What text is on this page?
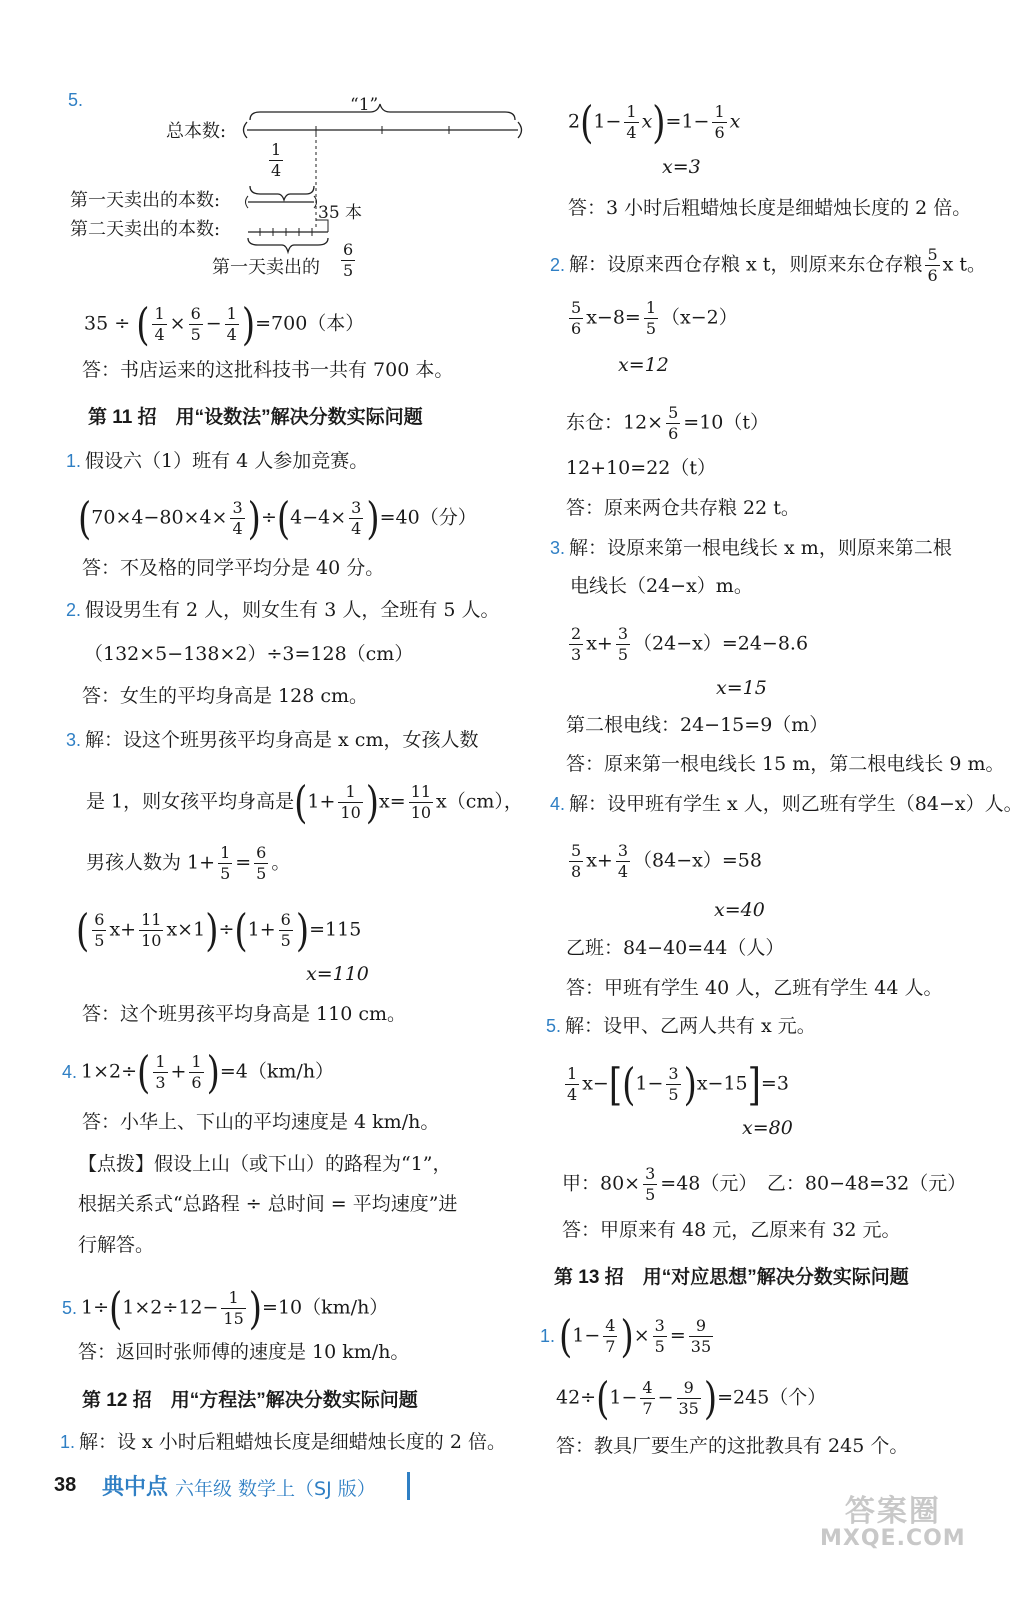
5.	“1”
总本数:
$\frac{1}{4}$
第一天卖出的本数:
35 本
第二天卖出的本数:
第一天卖出的 $\frac{6}{5}$
35 ÷ ( $\frac{1}{4} \times \frac{6}{5} - \frac{1}{4} )=700$（本）
答：书店运来的这批科技书一共有 700 本。
第 11 招　用“设数法”解决分数实际问题
1. 假设六（1）班有 4 人参加竞赛。
$(70\times 4-80\times 4\times \frac{3}{4} )\div(4-4\times \frac{3}{4} )=40$（分）
答：不及格的同学平均分是 40 分。
2. 假设男生有 2 人，则女生有 3 人，全班有 5 人。
（132×5−138×2）÷3=128（cm）
答：女生的平均身高是 128 cm。
3. 解：设这个班男孩平均身高是 x cm，女孩人数
是 1，则女孩平均身高是$(1+ \frac{1}{10} )x= \frac{11}{10} x(cm)$，
男孩人数为 $1+ \frac{1}{5} = \frac{6}{5}$ 。
( $\frac{6}{5} x+ \frac{11}{10} x\times 1)\div(1+ \frac{6}{5} )=115$
x=110
答：这个班男孩平均身高是 110 cm。
4. $1\times 2\div( \frac{1}{3} + \frac{1}{6} )=4(km/h)$
答：小华上、下山的平均速度是 4 km/h。
【点拨】假设上山（或下山）的路程为“1”，
根据关系式“总路程 ÷ 总时间 = 平均速度”进
行解答。
5. $1\div(1\times 2\div 12- \frac{1}{15} )=10(km/h)$
答：返回时张师傅的速度是 10 km/h。
第 12 招　用“方程法”解决分数实际问题
1. 解：设 x 小时后粗蜡烛长度是细蜡烛长度的 2 倍。
$2(1- \frac{1}{4} x)=1- \frac{1}{6}$ x
x=3
答：3 小时后粗蜡烛长度是细蜡烛长度的 2 倍。
2. 解：设原来西仓存粮 x t，则原来东仓存粮 $\frac{5}{6}$ x t。
$\frac{5}{6} x-8= \frac{1}{5} (x-2)$
x=12
东仓：$12\times \frac{5}{6} =10(t)$
12+10=22（t）
答：原来两仓共存粮 22 t。
3. 解：设原来第一根电线长 x m，则原来第二根
电线长（24−x）m。
$\frac{2}{3} x+ \frac{3}{5} (24-x)=24-8.6$
x=15
第二根电线：24−15=9（m）
答：原来第一根电线长 15 m，第二根电线长 9 m。
4. 解：设甲班有学生 x 人，则乙班有学生（84−x）人。
$\frac{5}{8} x+ \frac{3}{4} (84-x)=58$
x=40
乙班：84−40=44（人）
答：甲班有学生 40 人，乙班有学生 44 人。
5. 解：设甲、乙两人共有 x 元。
$\frac{1}{4} x-[(1- \frac{3}{5} )x-15]=3$
x=80
甲：$80\times \frac{3}{5} =48$（元）　乙：80−48=32（元）
答：甲原来有 48 元，乙原来有 32 元。
第 13 招　用“对应思想”解决分数实际问题
1. ($1- \frac{4}{7}$ )× $\frac{3}{5} = \frac{9}{35}$
$42\div(1- \frac{4}{7} - \frac{9}{35} )=245$（个）
答：教具厂要生产的这批教具有 245 个。
38 典中点 六年级 数学上（SJ 版）
答案圈
MXQE.COM
